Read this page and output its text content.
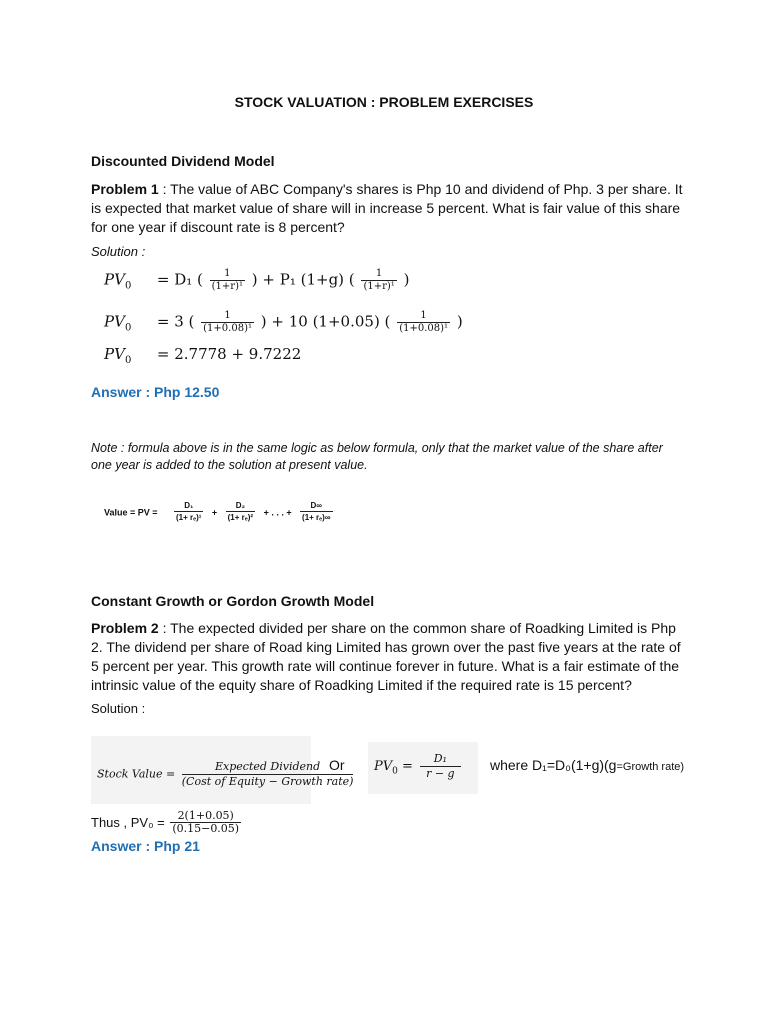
STOCK VALUATION : PROBLEM EXERCISES
Discounted Dividend Model
Problem 1 : The value of ABC Company's shares is Php 10 and dividend of Php. 3 per share. It
is expected that market value of share will in increase 5 percent. What is fair value of this share
for one year if discount rate is 8 percent?
Solution :
$PV_0 = D_1$ ( $\frac{1}{\text{(1+r)¹}}$ ) + P₁ (1+g) ( $\frac{1}{\text{(1+r)¹}}$ )
$PV_0 = 3$ ( $\frac{1}{\text{(1+0.08)¹}}$ ) + 10 (1+0.05) ( $\frac{1}{\text{(1+0.08)¹}}$ )
$PV_0 = 2.7778 + 9.7222$
Answer : Php 12.50
Note : formula above is in the same logic as below formula, only that the market value of the share after
one year is added to the solution at present value.
Value = PV = $\frac{\text{D₁}}{\text{(1+ rₑ)¹}} + \frac{\text{D₂}}{\text{(1+ rₑ)²}}$ + . . . + $\frac{D\infty}{\text{(1+ rₑ)∞}}$
Constant Growth or Gordon Growth Model
Problem 2 : The expected divided per share on the common share of Roadking Limited is Php
2. The dividend per share of Road king Limited has grown over the past five years at the rate of
5 percent per year. This growth rate will continue forever in future. What is a fair estimate of the
intrinsic value of the equity share of Roadking Limited if the required rate is 15 percent?
Solution :
Stock Value =
Expected Dividend
(Cost of Equity − Growth rate)
Or $PV_0 = \frac{\text{D₁}}{r - g}$ where D₁=D₀(1+g)(g=Growth rate)
Thus , $PV_0 = \frac{2(1+0.05)}{(0.15-0.05)}$
Answer : Php 21
